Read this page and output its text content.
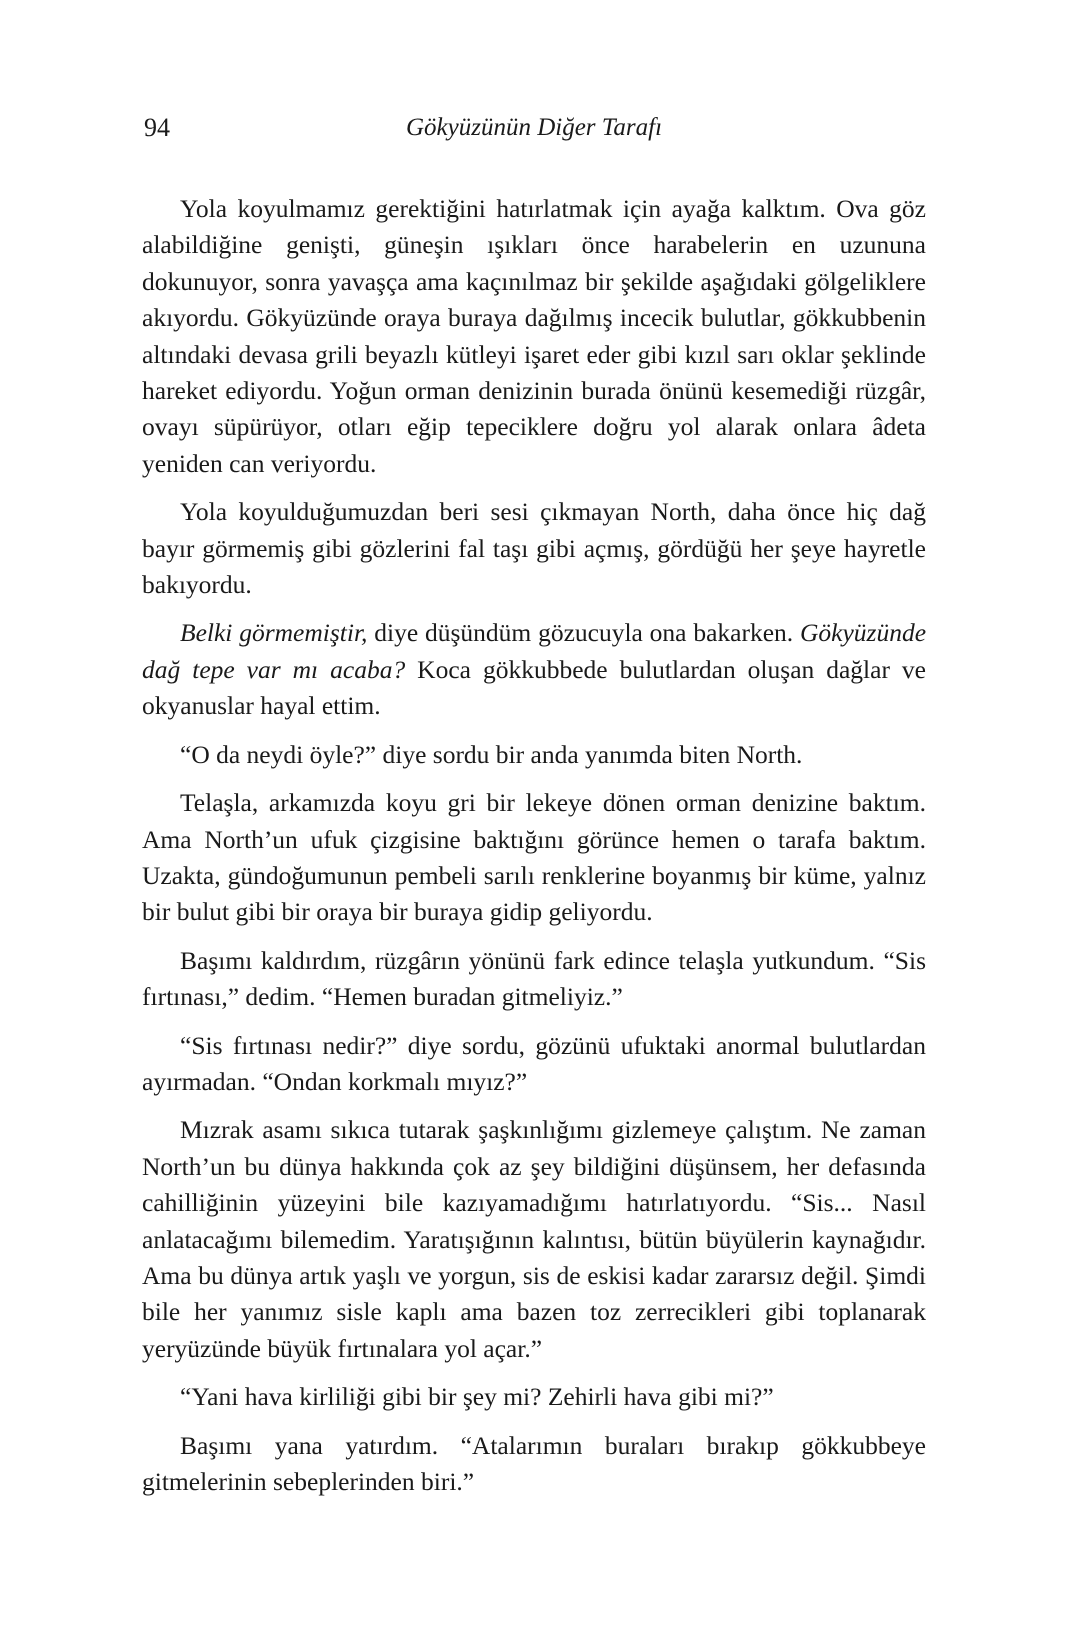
94	Gökyüzünün Diğer Tarafı

Yola koyulmamız gerektiğini hatırlatmak için ayağa kalktım. Ova göz alabildiğine genişti, güneşin ışıkları önce harabelerin en uzununa dokunuyor, sonra yavaşça ama kaçınılmaz bir şekilde aşağıdaki gölgeliklere akıyordu. Gökyüzünde oraya buraya dağılmış incecik bulutlar, gökkubbenin altındaki devasa grili beyazlı kütleyi işaret eder gibi kızıl sarı oklar şeklinde hareket ediyordu. Yoğun orman denizinin burada önünü kesemediği rüzgâr, ovayı süpürüyor, otları eğip tepeciklere doğru yol alarak onlara âdeta yeniden can veriyordu.

Yola koyulduğumuzdan beri sesi çıkmayan North, daha önce hiç dağ bayır görmemiş gibi gözlerini fal taşı gibi açmış, gördüğü her şeye hayretle bakıyordu.

Belki görmemiştir, diye düşündüm gözucuyla ona bakarken. Gökyüzünde dağ tepe var mı acaba? Koca gökkubbede bulutlardan oluşan dağlar ve okyanuslar hayal ettim.

“O da neydi öyle?” diye sordu bir anda yanımda biten North.

Telaşla, arkamızda koyu gri bir lekeye dönen orman denizine baktım. Ama North’un ufuk çizgisine baktığını görünce hemen o tarafa baktım. Uzakta, gündoğumunun pembeli sarılı renklerine boyanmış bir küme, yalnız bir bulut gibi bir oraya bir buraya gidip geliyordu.

Başımı kaldırdım, rüzgârın yönünü fark edince telaşla yutkundum. “Sis fırtınası,” dedim. “Hemen buradan gitmeliyiz.”

“Sis fırtınası nedir?” diye sordu, gözünü ufuktaki anormal bulutlardan ayırmadan. “Ondan korkmalı mıyız?”

Mızrak asamı sıkıca tutarak şaşkınlığımı gizlemeye çalıştım. Ne zaman North’un bu dünya hakkında çok az şey bildiğini düşünsem, her defasında cahilliğinin yüzeyini bile kazıyamadığımı hatırlatıyordu. “Sis... Nasıl anlatacağımı bilemedim. Yaratışığının kalıntısı, bütün büyülerin kaynağıdır. Ama bu dünya artık yaşlı ve yorgun, sis de eskisi kadar zararsız değil. Şimdi bile her yanımız sisle kaplı ama bazen toz zerrecikleri gibi toplanarak yeryüzünde büyük fırtınalara yol açar.”

“Yani hava kirliliği gibi bir şey mi? Zehirli hava gibi mi?”

Başımı yana yatırdım. “Atalarımın buraları bırakıp gökkubbeye gitmelerinin sebeplerinden biri.”
